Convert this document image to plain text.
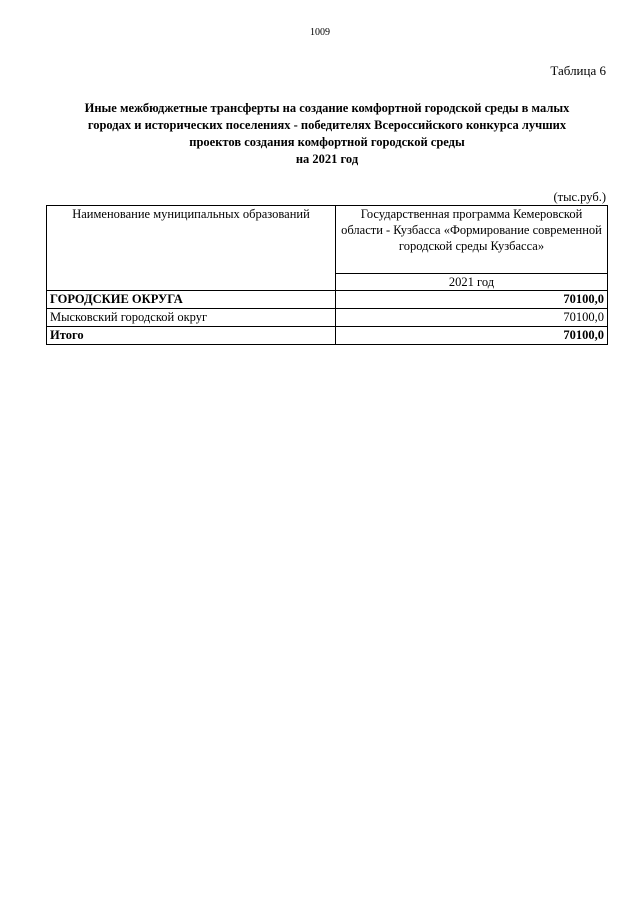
1009
Таблица 6
Иные межбюджетные трансферты на создание комфортной городской среды в малых
городах и исторических поселениях - победителях Всероссийского конкурса лучших
проектов создания комфортной городской среды
на 2021 год
(тыс.руб.)
Наименование муниципальных образований	Государственная программа Кемеровской области - Кузбасса «Формирование современной городской среды Кузбасса»
	2021 год
ГОРОДСКИЕ ОКРУГА	70100,0
Мысковский городской округ	70100,0
Итого	70100,0
